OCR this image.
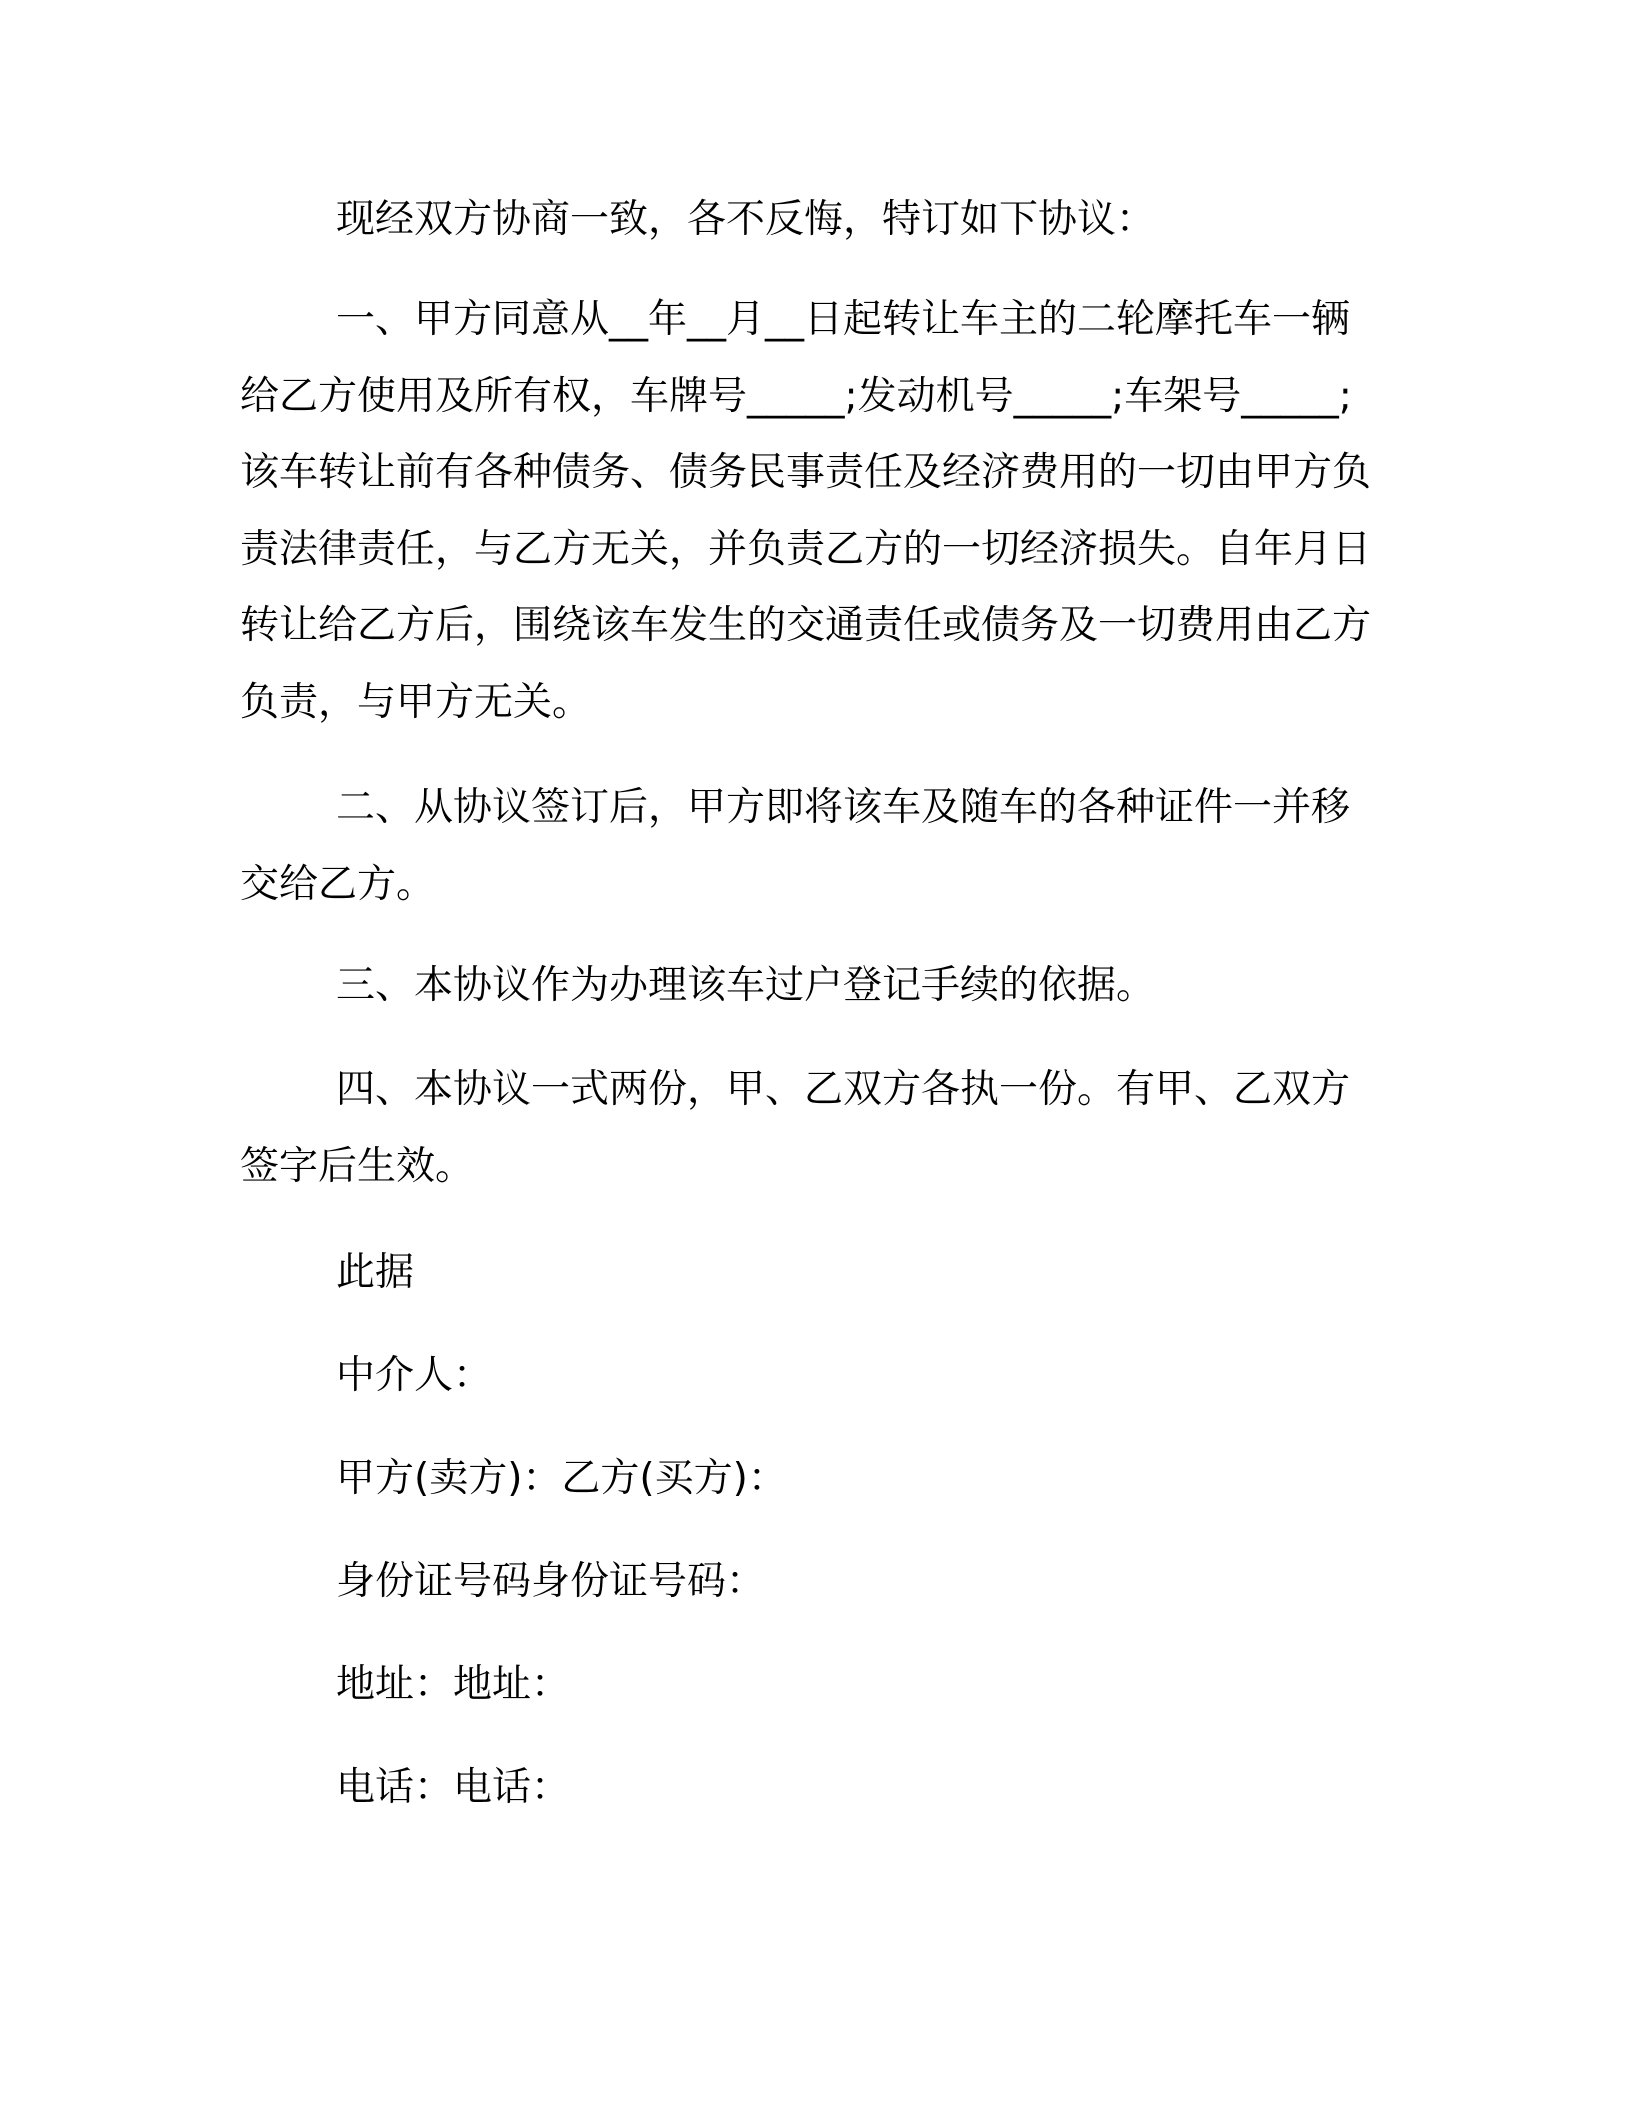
现经双方协商一致，各不反悔，特订如下协议：

一、甲方同意从__年__月__日起转让车主的二轮摩托车一辆给乙方使用及所有权，车牌号_____;发动机号_____;车架号_____;该车转让前有各种债务、债务民事责任及经济费用的一切由甲方负责法律责任，与乙方无关，并负责乙方的一切经济损失。自年月日转让给乙方后，围绕该车发生的交通责任或债务及一切费用由乙方负责，与甲方无关。

二、从协议签订后，甲方即将该车及随车的各种证件一并移交给乙方。

三、本协议作为办理该车过户登记手续的依据。

四、本协议一式两份，甲、乙双方各执一份。有甲、乙双方签字后生效。

此据

中介人：

甲方(卖方)：乙方(买方)：

身份证号码身份证号码：

地址：地址：

电话：电话：
